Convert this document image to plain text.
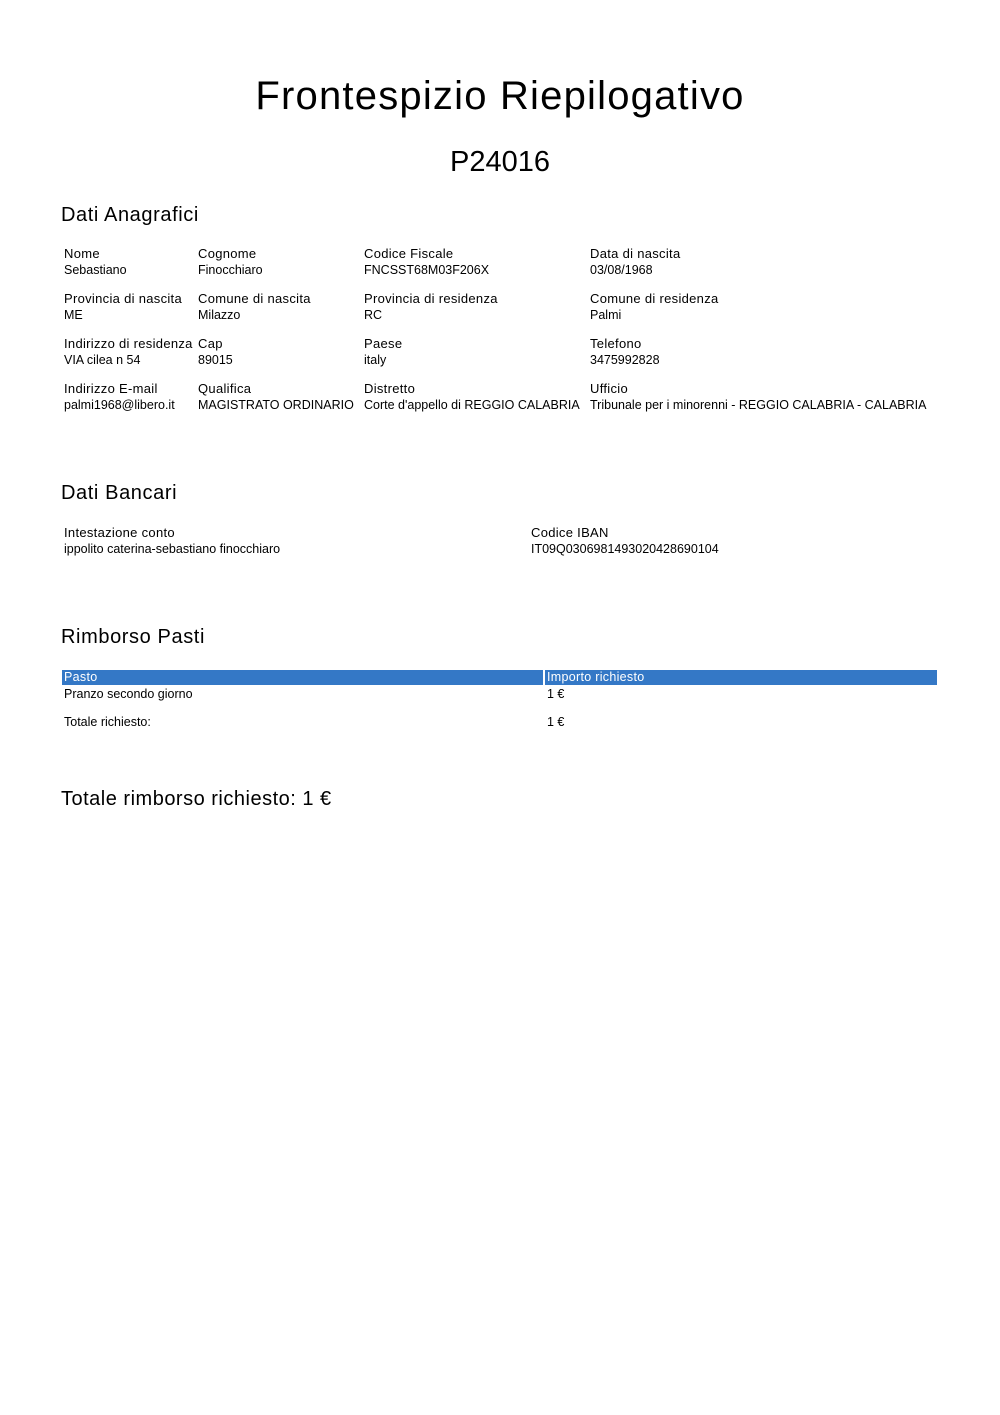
Frontespizio Riepilogativo
P24016
Dati Anagrafici
Nome
Sebastiano
Cognome
Finocchiaro
Codice Fiscale
FNCSST68M03F206X
Data di nascita
03/08/1968
Provincia di nascita
ME
Comune di nascita
Milazzo
Provincia di residenza
RC
Comune di residenza
Palmi
Indirizzo di residenza
VIA cilea n 54
Cap
89015
Paese
italy
Telefono
3475992828
Indirizzo E-mail
palmi1968@libero.it
Qualifica
MAGISTRATO ORDINARIO
Distretto
Corte d'appello di REGGIO CALABRIA
Ufficio
Tribunale per i minorenni - REGGIO CALABRIA - CALABRIA
Dati Bancari
Intestazione conto
ippolito caterina-sebastiano finocchiaro
Codice IBAN
IT09Q0306981493020428690104
Rimborso Pasti
Pasto	Importo richiesto
Pranzo secondo giorno	1 €
Totale richiesto:	1 €
Totale rimborso richiesto: 1 €
